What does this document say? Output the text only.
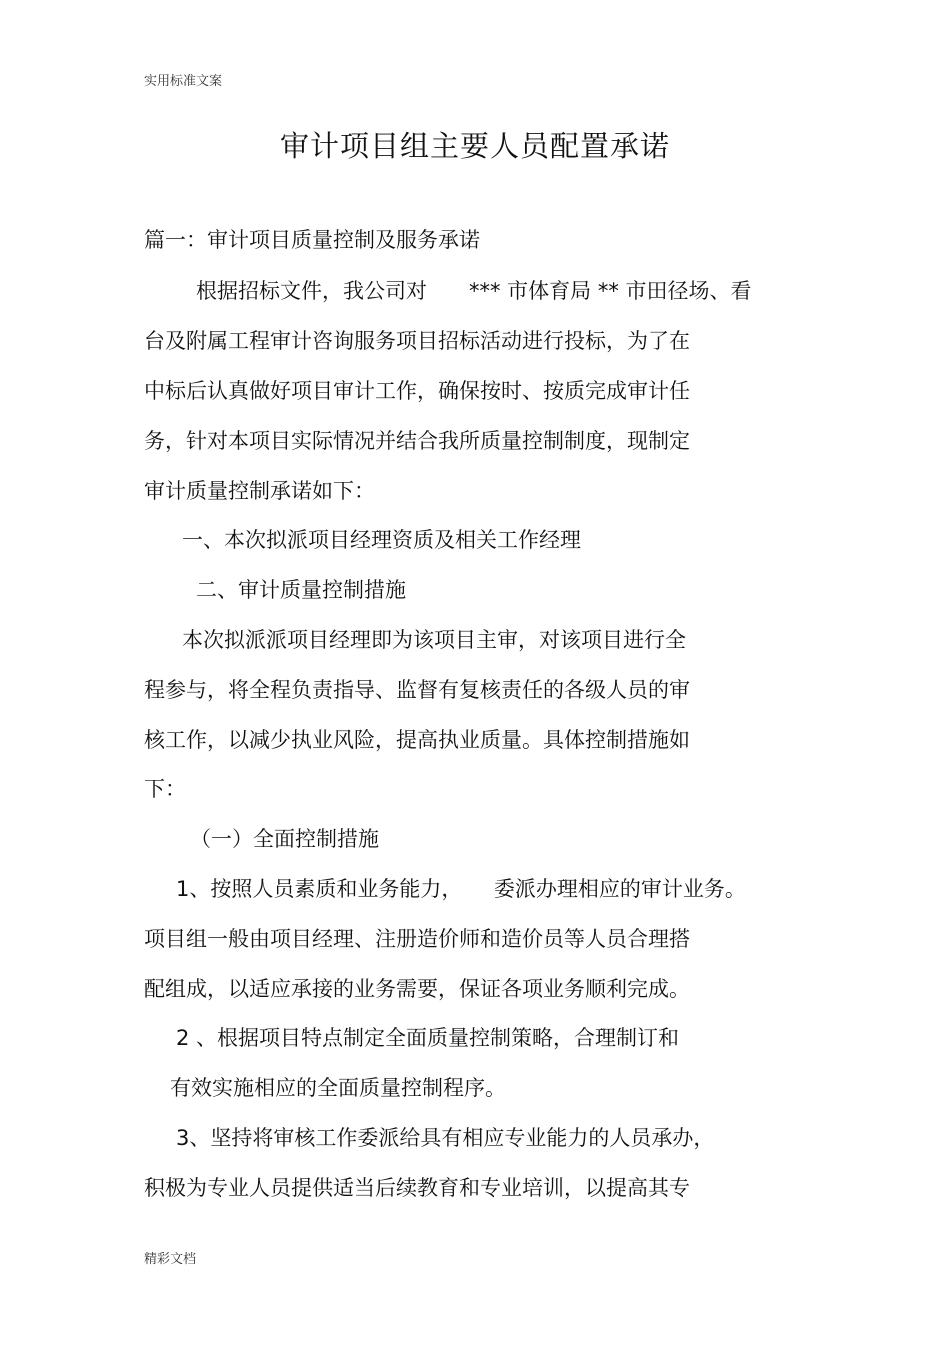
实用标准文案
审计项目组主要人员配置承诺
篇一：审计项目质量控制及服务承诺
根据招标文件，我公司对　　*** 市体育局 ** 市田径场、看
台及附属工程审计咨询服务项目招标活动进行投标，为了在
中标后认真做好项目审计工作，确保按时、按质完成审计任
务，针对本项目实际情况并结合我所质量控制制度，现制定
审计质量控制承诺如下：
一、本次拟派项目经理资质及相关工作经理
二、审计质量控制措施
本次拟派派项目经理即为该项目主审，对该项目进行全
程参与，将全程负责指导、监督有复核责任的各级人员的审
核工作，以减少执业风险，提高执业质量。具体控制措施如
下：
（一）全面控制措施
1、按照人员素质和业务能力，　　委派办理相应的审计业务。
项目组一般由项目经理、注册造价师和造价员等人员合理搭
配组成，以适应承接的业务需要，保证各项业务顺利完成。
2 、根据项目特点制定全面质量控制策略，合理制订和
有效实施相应的全面质量控制程序。
3、坚持将审核工作委派给具有相应专业能力的人员承办，
积极为专业人员提供适当后续教育和专业培训，以提高其专
精彩文档
